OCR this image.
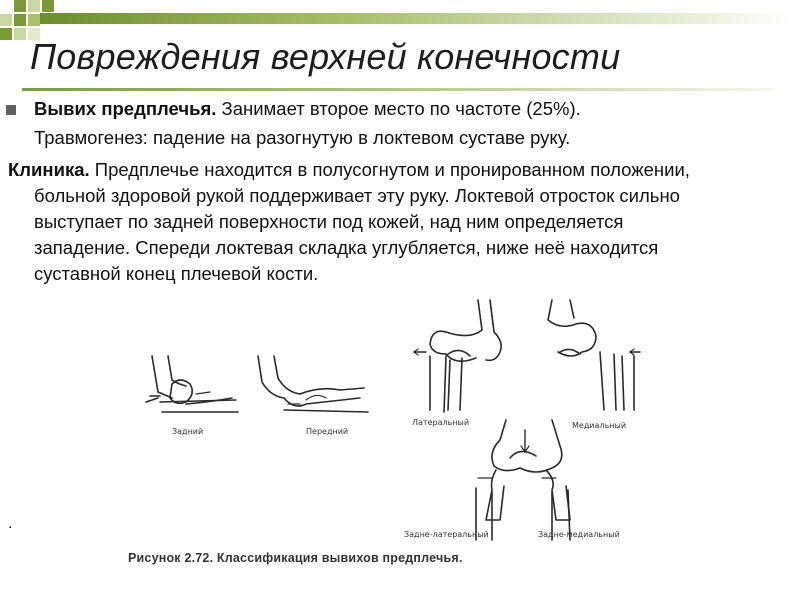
Повреждения верхней конечности
Вывих предплечья. Занимает второе место по частоте (25%).
Травмогенез: падение на разогнутую в локтевом суставе руку.
Клиника. Предплечье находится в полусогнутом и пронированном положении,
больной здоровой рукой поддерживает эту руку. Локтевой отросток сильно
выступает по задней поверхности под кожей, над ним определяется
западение. Спереди локтевая складка углубляется, ниже неё находится
суставной конец плечевой кости.
.
Задний	Передний
Латеральный	Медиальный
Задне-латеральный	Задне-медиальный
Рисунок 2.72. Классификация вывихов предплечья.
